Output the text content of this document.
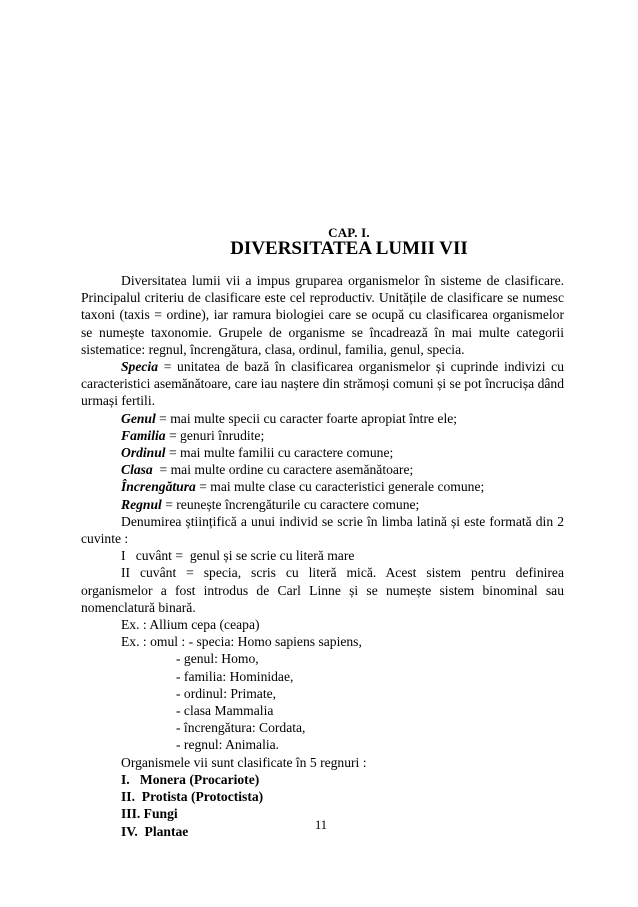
CAP. I.
DIVERSITATEA LUMII VII

Diversitatea lumii vii a impus gruparea organismelor în sisteme de clasificare. Principalul criteriu de clasificare este cel reproductiv. Unitățile de clasificare se numesc taxoni (taxis = ordine), iar ramura biologiei care se ocupă cu clasificarea organismelor se numește taxonomie. Grupele de organisme se încadrează în mai multe categorii sistematice: regnul, încrengătura, clasa, ordinul, familia, genul, specia.

Specia = unitatea de bază în clasificarea organismelor și cuprinde indivizi cu caracteristici asemănătoare, care iau naștere din strămoși comuni și se pot încrucișa dând urmași fertili.

Genul = mai multe specii cu caracter foarte apropiat între ele;

Familia = genuri înrudite;

Ordinul = mai multe familii cu caractere comune;

Clasa  = mai multe ordine cu caractere asemănătoare;

Încrengătura = mai multe clase cu caracteristici generale comune;

Regnul = reunește încrengăturile cu caractere comune;

Denumirea științifică a unui individ se scrie în limba latină și este formată din 2 cuvinte :

I   cuvânt =  genul și se scrie cu literă mare

II cuvânt = specia, scris cu literă mică. Acest sistem pentru definirea organismelor a fost introdus de Carl Linne și se numește sistem binominal sau nomenclatură binară.

Ex. : Allium cepa (ceapa)

Ex. : omul : - specia: Homo sapiens sapiens,

- genul: Homo,

- familia: Hominidae,

- ordinul: Primate,

- clasa Mammalia

- încrengătura: Cordata,

- regnul: Animalia.

Organismele vii sunt clasificate în 5 regnuri :

I.   Monera (Procariote)

II.  Protista (Protoctista)

III. Fungi

IV.  Plantae	11
